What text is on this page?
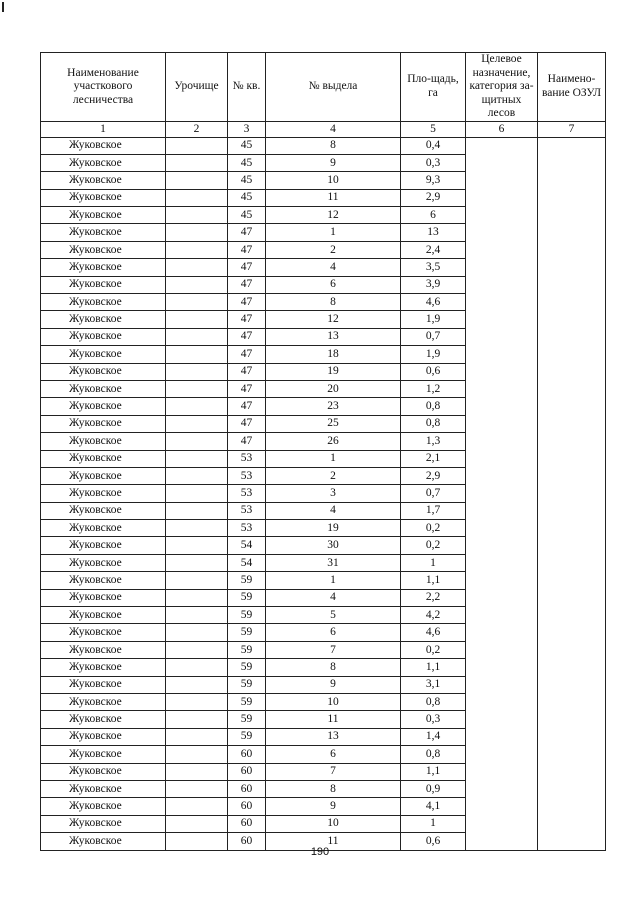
Наименование участкового лесничества	Урочище	№ кв.	№ выдела	Пло-щадь, га	Целевое назначение, категория за-щитных лесов	Наимено-вание ОЗУЛ
1	2	3	4	5	6	7
Жуковское		45	8	0,4		
Жуковское		45	9	0,3		
Жуковское		45	10	9,3		
Жуковское		45	11	2,9		
Жуковское		45	12	6		
Жуковское		47	1	13		
Жуковское		47	2	2,4		
Жуковское		47	4	3,5		
Жуковское		47	6	3,9		
Жуковское		47	8	4,6		
Жуковское		47	12	1,9		
Жуковское		47	13	0,7		
Жуковское		47	18	1,9		
Жуковское		47	19	0,6		
Жуковское		47	20	1,2		
Жуковское		47	23	0,8		
Жуковское		47	25	0,8		
Жуковское		47	26	1,3		
Жуковское		53	1	2,1		
Жуковское		53	2	2,9		
Жуковское		53	3	0,7		
Жуковское		53	4	1,7		
Жуковское		53	19	0,2		
Жуковское		54	30	0,2		
Жуковское		54	31	1		
Жуковское		59	1	1,1		
Жуковское		59	4	2,2		
Жуковское		59	5	4,2		
Жуковское		59	6	4,6		
Жуковское		59	7	0,2		
Жуковское		59	8	1,1		
Жуковское		59	9	3,1		
Жуковское		59	10	0,8		
Жуковское		59	11	0,3		
Жуковское		59	13	1,4		
Жуковское		60	6	0,8		
Жуковское		60	7	1,1		
Жуковское		60	8	0,9		
Жуковское		60	9	4,1		
Жуковское		60	10	1		
Жуковское		60	11	0,6		
190
